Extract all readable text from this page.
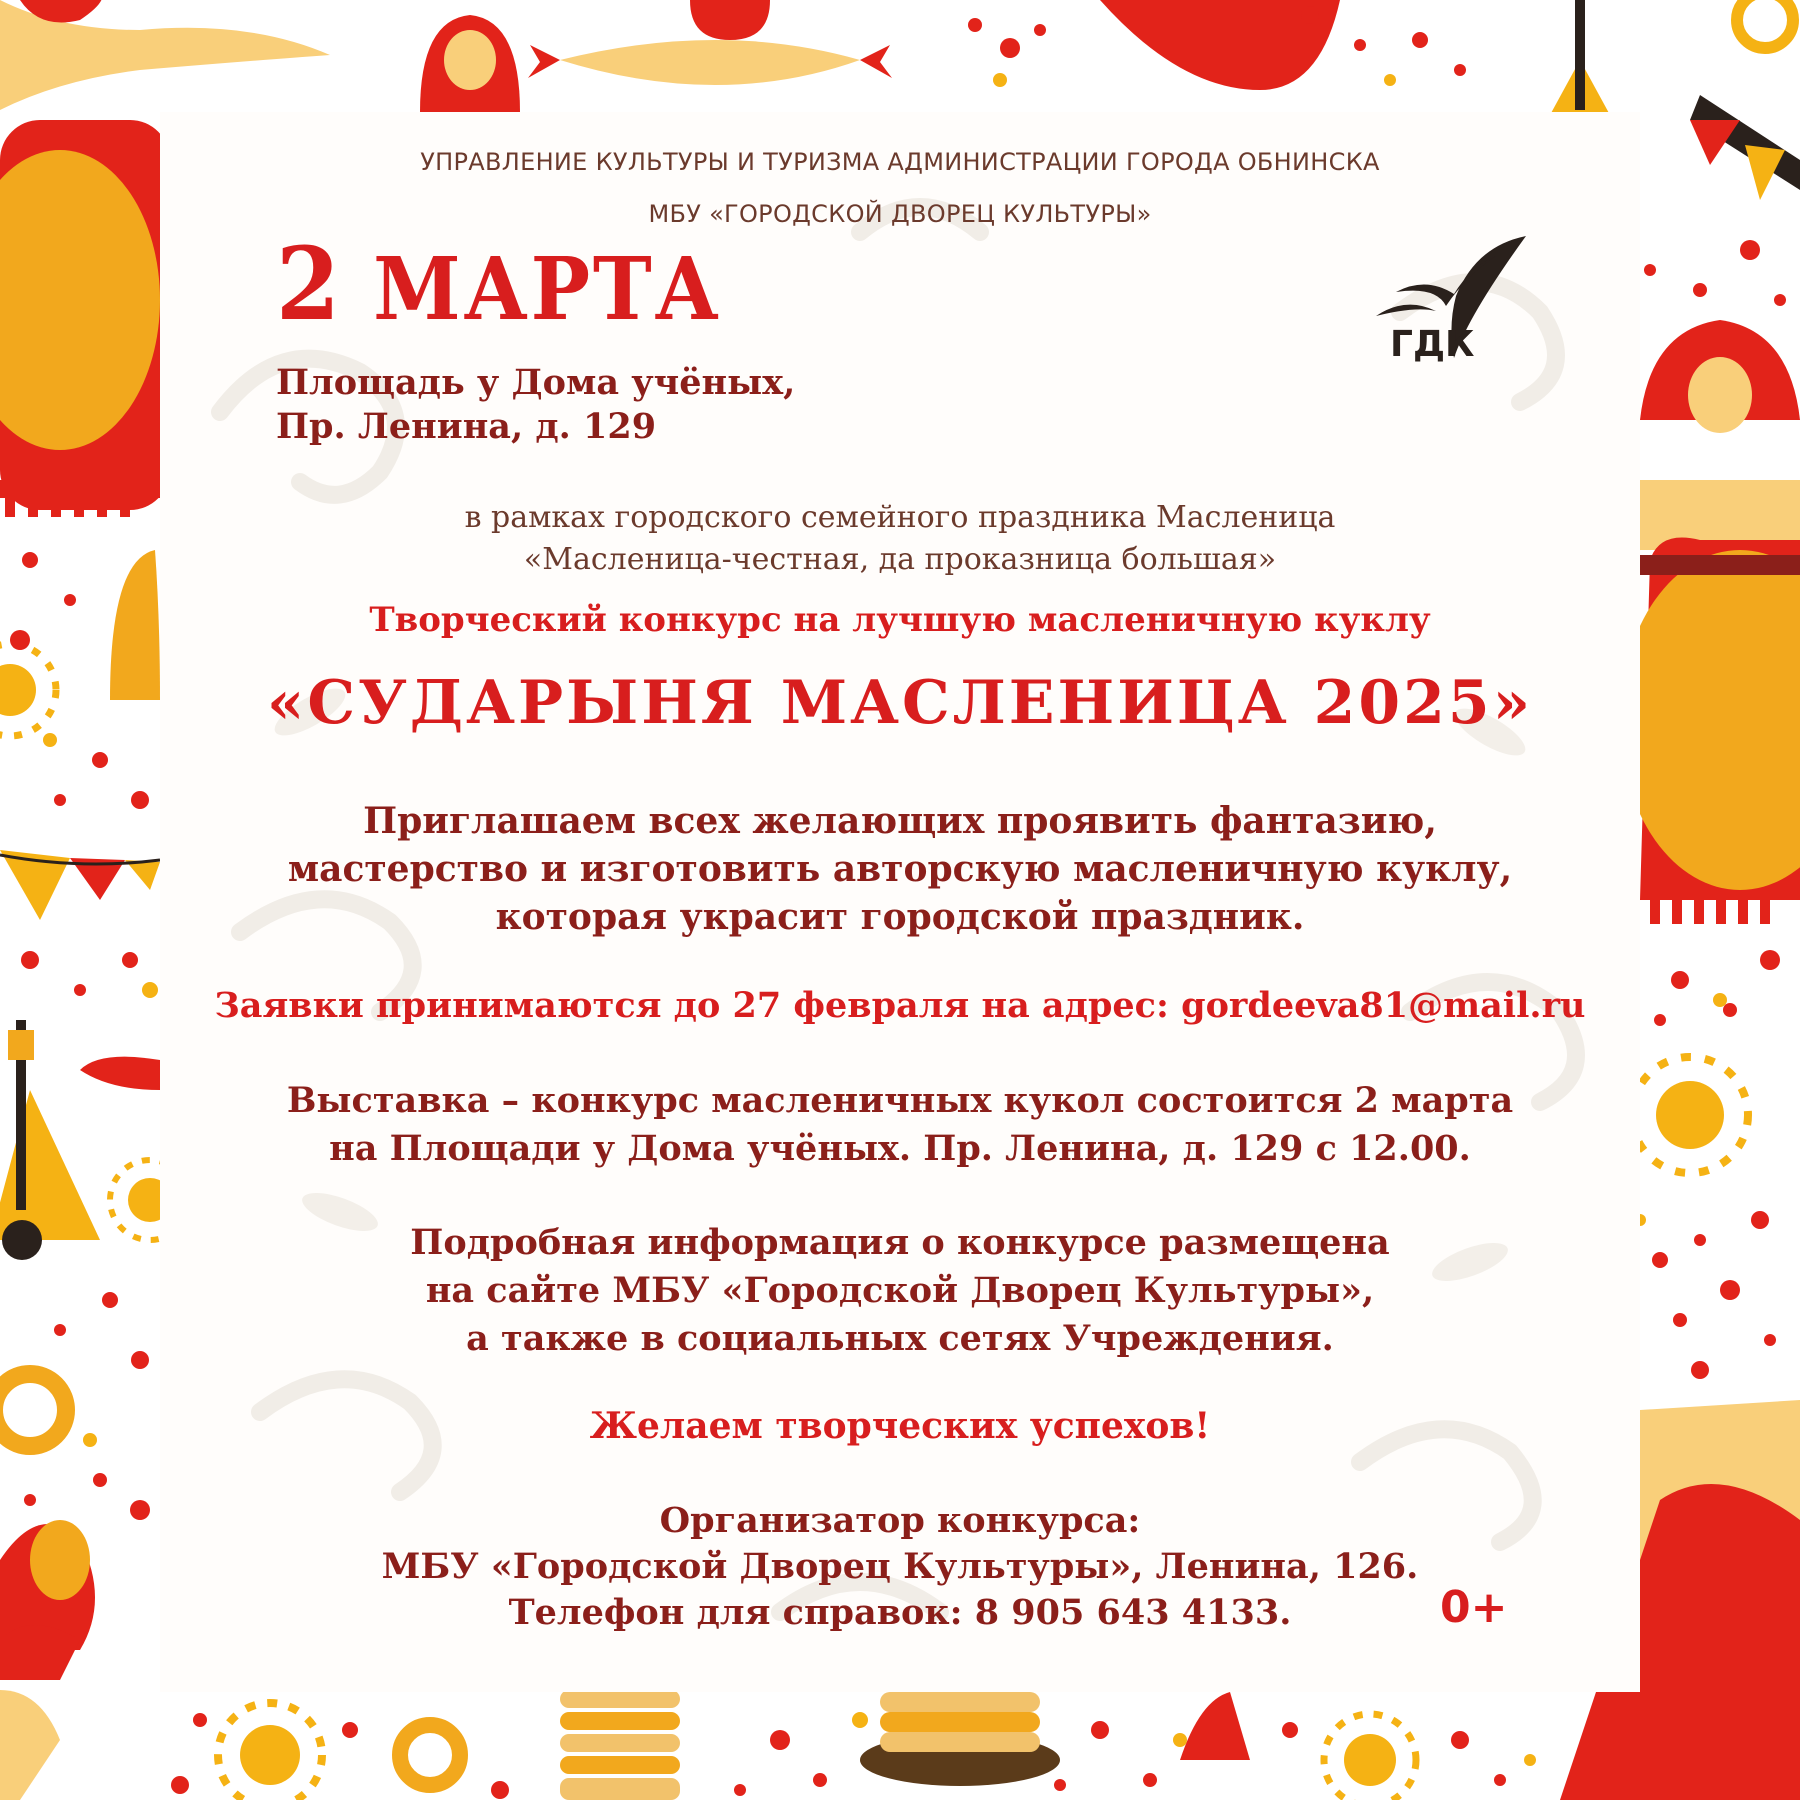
УПРАВЛЕНИЕ КУЛЬТУРЫ И ТУРИЗМА АДМИНИСТРАЦИИ ГОРОДА ОБНИНСКА
МБУ «ГОРОДСКОЙ ДВОРЕЦ КУЛЬТУРЫ»
2 МАРТА
Площадь у Дома учёных,
Пр. Ленина, д. 129
ГДК
в рамках городского семейного праздника Масленица
«Масленица-честная, да проказница большая»
Творческий конкурс на лучшую масленичную куклу
«СУДАРЫНЯ МАСЛЕНИЦА 2025»
Приглашаем всех желающих проявить фантазию,
мастерство и изготовить авторскую масленичную куклу,
которая украсит городской праздник.
Заявки принимаются до 27 февраля на адрес: gordeeva81@mail.ru
Выставка – конкурс масленичных кукол состоится 2 марта
на Площади у Дома учёных. Пр. Ленина, д. 129 с 12.00.
Подробная информация о конкурсе размещена
на сайте МБУ «Городской Дворец Культуры»,
а также в социальных сетях Учреждения.
Желаем творческих успехов!
Организатор конкурса:
МБУ «Городской Дворец Культуры», Ленина, 126.
Телефон для справок: 8 905 643 4133.	0+
